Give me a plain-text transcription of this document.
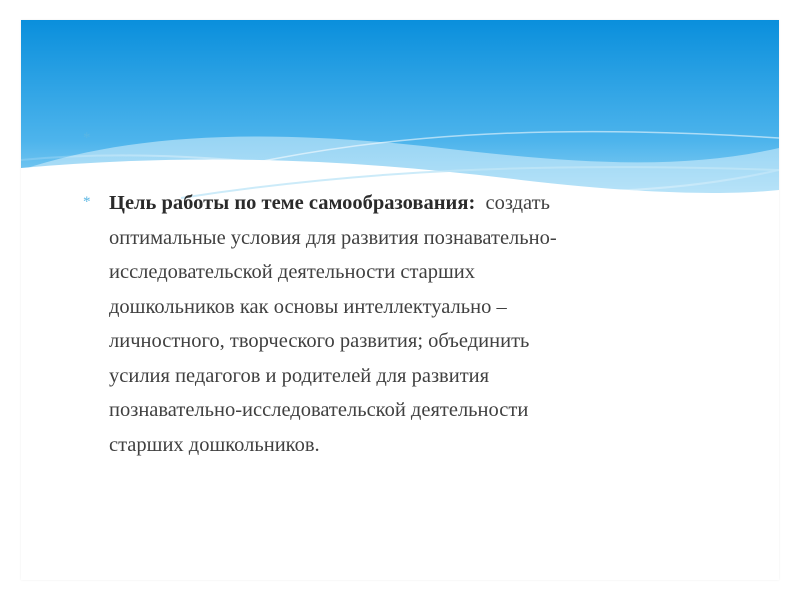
*
* Цель работы по теме самообразования: создать
оптимальные условия для развития познавательно-
исследовательской деятельности старших
дошкольников как основы интеллектуально –
личностного, творческого развития; объединить
усилия педагогов и родителей для развития
познавательно-исследовательской деятельности
старших дошкольников.
